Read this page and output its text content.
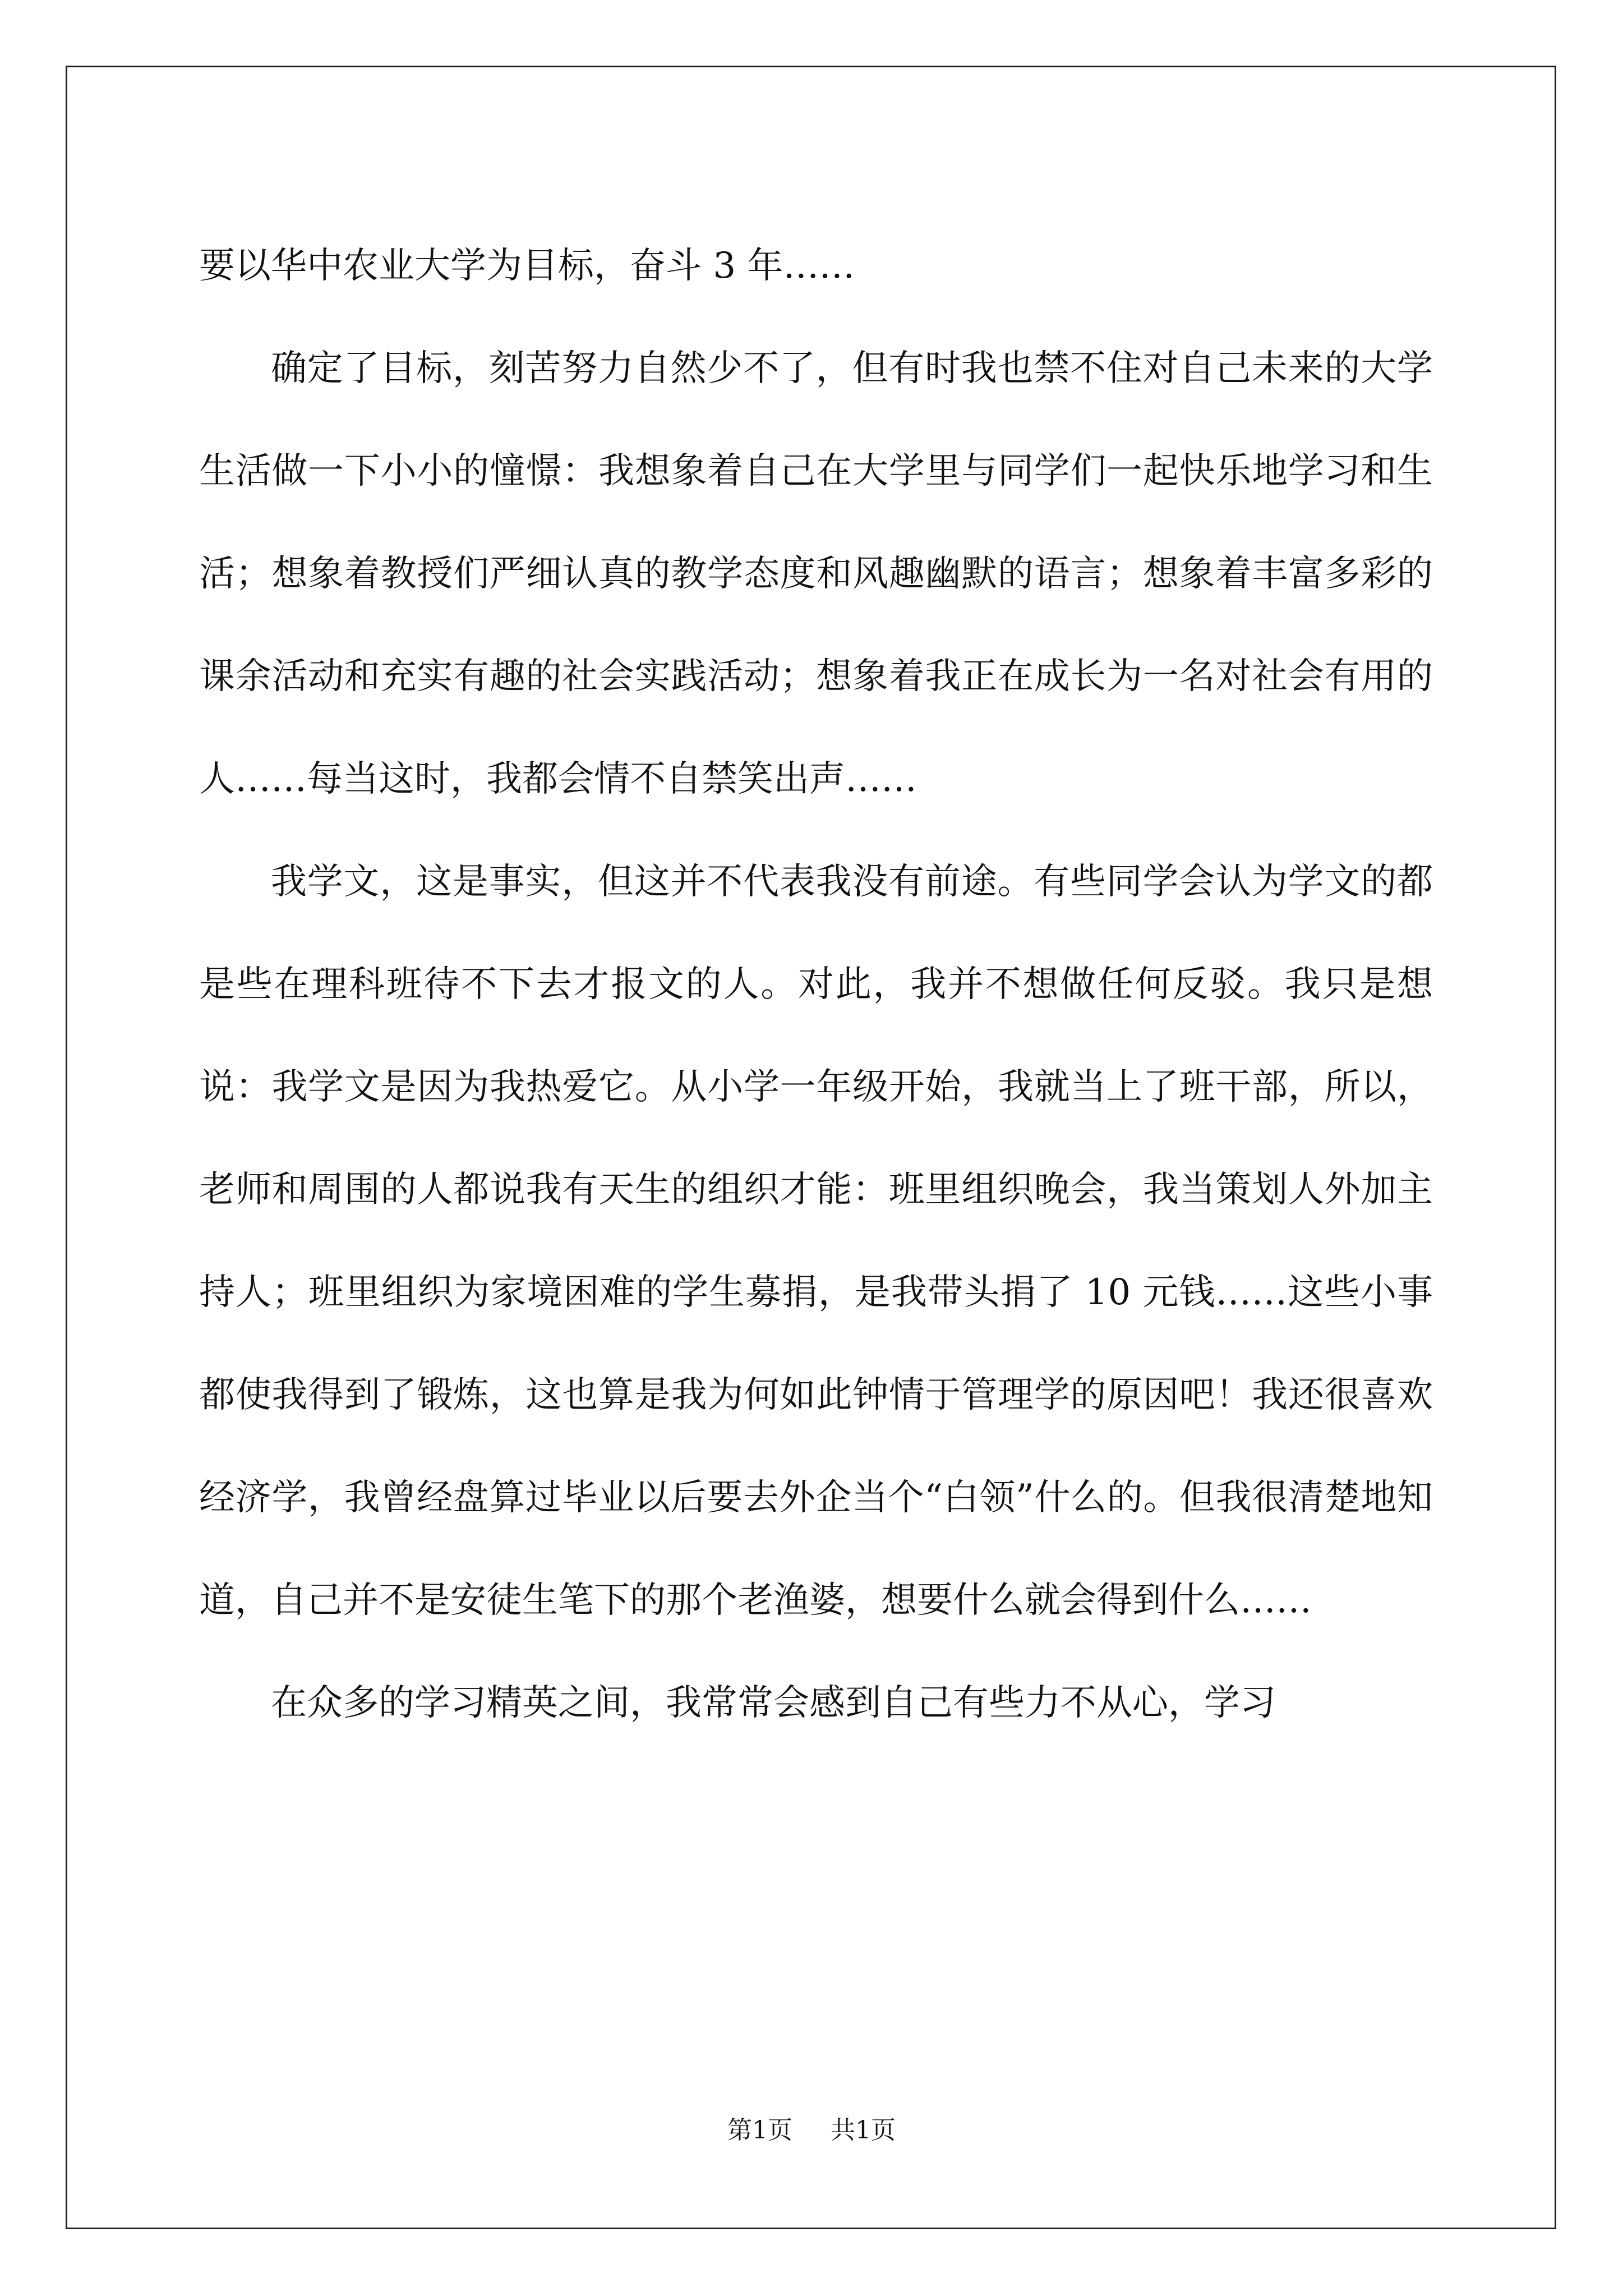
要以华中农业大学为目标，奋斗 3 年……

确定了目标，刻苦努力自然少不了，但有时我也禁不住对自己未来的大学生活做一下小小的憧憬：我想象着自己在大学里与同学们一起快乐地学习和生活；想象着教授们严细认真的教学态度和风趣幽默的语言；想象着丰富多彩的课余活动和充实有趣的社会实践活动；想象着我正在成长为一名对社会有用的人……每当这时，我都会情不自禁笑出声……

我学文，这是事实，但这并不代表我没有前途。有些同学会认为学文的都是些在理科班待不下去才报文的人。对此，我并不想做任何反驳。我只是想说：我学文是因为我热爱它。从小学一年级开始，我就当上了班干部，所以，老师和周围的人都说我有天生的组织才能：班里组织晚会，我当策划人外加主持人；班里组织为家境困难的学生募捐，是我带头捐了 10 元钱……这些小事都使我得到了锻炼，这也算是我为何如此钟情于管理学的原因吧！我还很喜欢经济学，我曾经盘算过毕业以后要去外企当个“白领”什么的。但我很清楚地知道，自己并不是安徒生笔下的那个老渔婆，想要什么就会得到什么……

在众多的学习精英之间，我常常会感到自己有些力不从心，学习

第1页 共1页
